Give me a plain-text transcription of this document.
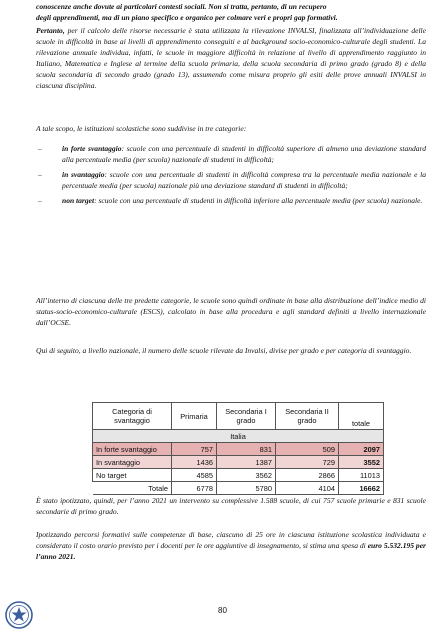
conoscenze anche dovute ai particolari contesti sociali. Non si tratta, pertanto, di un recupero
degli apprendimenti, ma di un piano specifico e organico per colmare veri e propri gap formativi.
Pertanto, per il calcolo delle risorse necessarie è stata utilizzata la rilevazione INVALSI, finalizzata all’individuazione delle scuole in difficoltà in base ai livelli di apprendimento conseguiti e al background socio-economico-culturale degli studenti. La rilevazione annuale individua, infatti, le scuole in maggiore difficoltà in relazione al livello di apprendimento raggiunto in Italiano, Matematica e Inglese al termine della scuola primaria, della scuola secondaria di primo grado (grado 8) e della scuola secondaria di secondo grado (grado 13), assumendo come misura proprio gli esiti delle prove annuali INVALSI in ciascuna disciplina.
A tale scopo, le istituzioni scolastiche sono suddivise in tre categorie:
–	in forte svantaggio: scuole con una percentuale di studenti in difficoltà superiore di almeno una deviazione standard alla percentuale media (per scuola) nazionale di studenti in difficoltà;
–	in svantaggio: scuole con una percentuale di studenti in difficoltà compresa tra la percentuale media nazionale e la percentuale media (per scuola) nazionale più una deviazione standard di studenti in difficoltà;
–	non target: scuole con una percentuale di studenti in difficoltà inferiore alla percentuale media (per scuola) nazionale.
All’interno di ciascuna delle tre predette categorie, le scuole sono quindi ordinate in base alla distribuzione dell’indice medio di status-socio-economico-culturale (ESCS), calcolato in base alla procedura e agli standard definiti a livello internazionale dall’OCSE.
Qui di seguito, a livello nazionale, il numero delle scuole rilevate da Invalsi, divise per grado e per categoria di svantaggio.
Categoria di svantaggio	Primaria	Secondaria I grado	Secondaria II grado	totale
Italia				
In forte svantaggio	757	831	509	2097
In svantaggio	1436	1387	729	3552
No target	4585	3562	2866	11013
Totale	6778	5780	4104	16662
È stato ipotizzato, quindi, per l’anno 2021 un intervento su complessive 1.588 scuole, di cui 757 scuole primarie e 831 scuole secondarie di primo grado.
Ipotizzando percorsi formativi sulle competenze di base, ciascuno di 25 ore in ciascuna istituzione scolastica individuata e considerato il costo orario previsto per i docenti per le ore aggiuntive di insegnamento, si stima una spesa di euro 5.532.195 per l’anno 2021.
80
